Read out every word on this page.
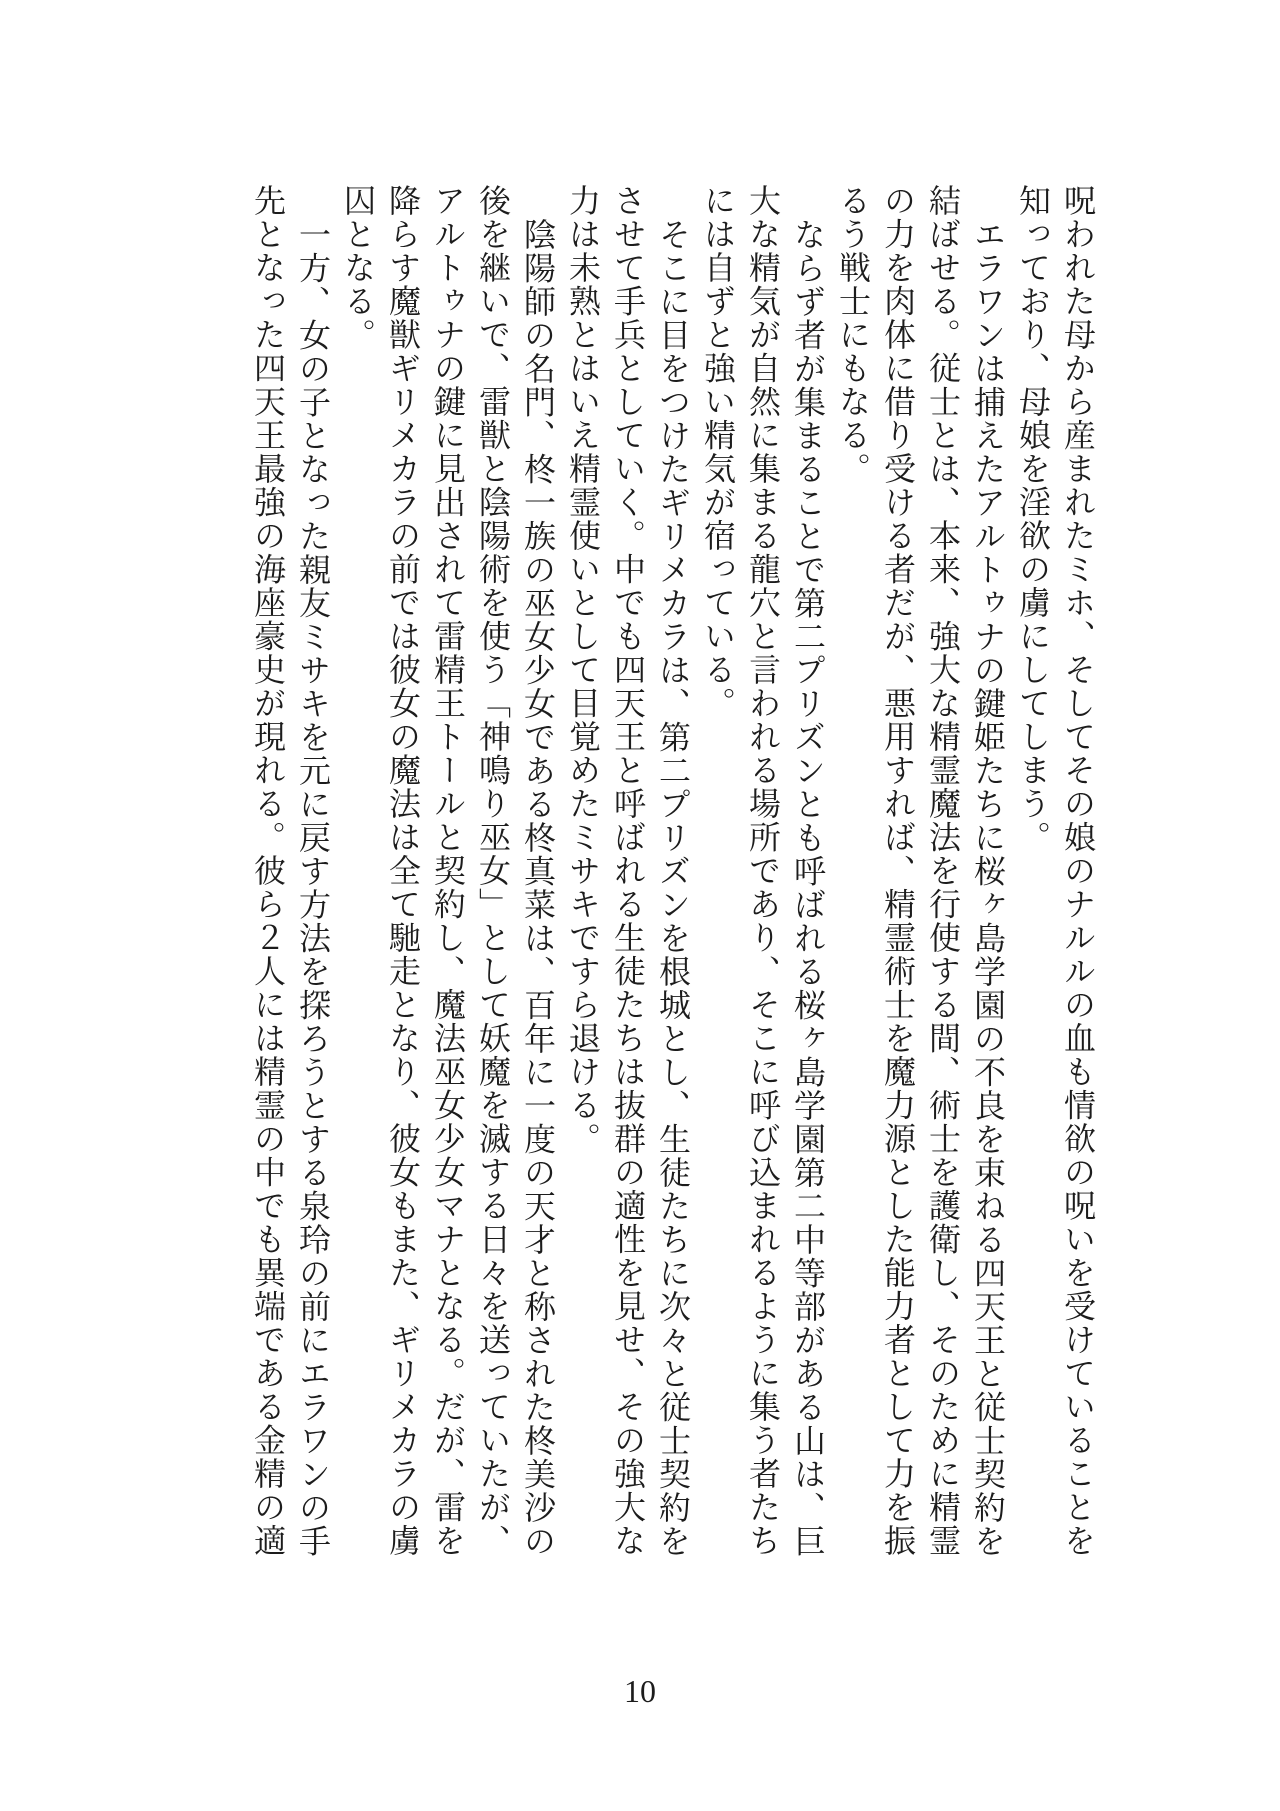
呪われた母から産まれたミホ、そしてその娘のナルルの血も情欲の呪いを受けていることを知っており、母娘を淫欲の虜にしてしまう。

エラワンは捕えたアルトゥナの鍵姫たちに桜ヶ島学園の不良を束ねる四天王と従士契約を結ばせる。従士とは、本来、強大な精霊魔法を行使する間、術士を護衛し、そのために精霊の力を肉体に借り受ける者だが、悪用すれば、精霊術士を魔力源とした能力者として力を振るう戦士にもなる。

ならず者が集まることで第二プリズンとも呼ばれる桜ヶ島学園第二中等部がある山は、巨大な精気が自然に集まる龍穴と言われる場所であり、そこに呼び込まれるように集う者たちには自ずと強い精気が宿っている。

そこに目をつけたギリメカラは、第二プリズンを根城とし、生徒たちに次々と従士契約をさせて手兵としていく。中でも四天王と呼ばれる生徒たちは抜群の適性を見せ、その強大な力は未熟とはいえ精霊使いとして目覚めたミサキですら退ける。

陰陽師の名門、柊一族の巫女少女である柊真菜は、百年に一度の天才と称された柊美沙の後を継いで、雷獣と陰陽術を使う「神鳴り巫女」として妖魔を滅する日々を送っていたが、アルトゥナの鍵に見出されて雷精王トールと契約し、魔法巫女少女マナとなる。だが、雷を降らす魔獣ギリメカラの前では彼女の魔法は全て馳走となり、彼女もまた、ギリメカラの虜囚となる。

一方、女の子となった親友ミサキを元に戻す方法を探ろうとする泉玲の前にエラワンの手先となった四天王最強の海座豪史が現れる。彼ら２人には精霊の中でも異端である金精の適

10
